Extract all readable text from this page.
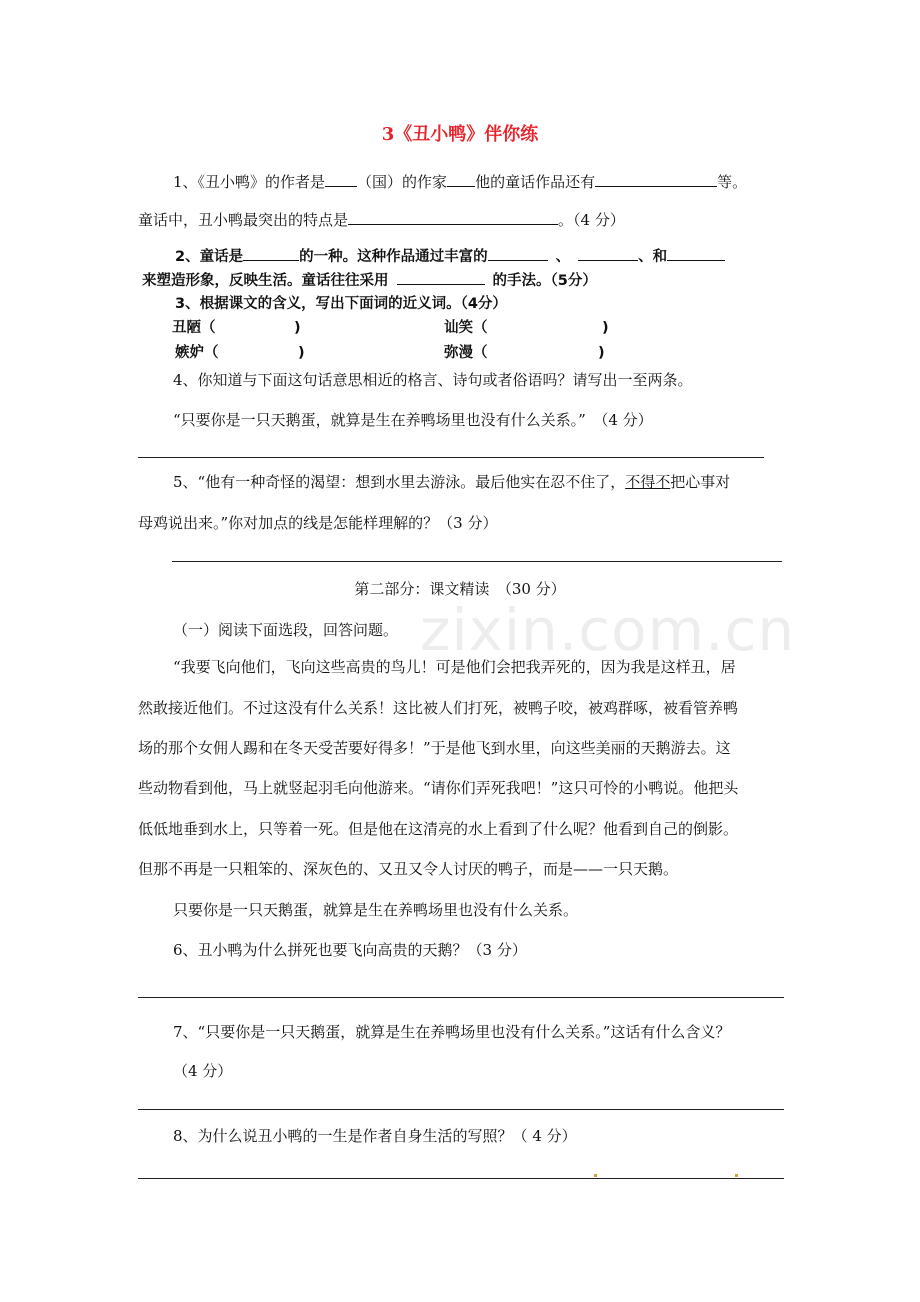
zixin.com.cn
3《丑小鸭》伴你练
1、《丑小鸭》的作者是 （国）的作家 他的童话作品还有	等。
童话中，丑小鸭最突出的特点是	。（4 分）
2、童话是	的一种。这种作品通过丰富的	、	、和
来塑造形象，反映生活。童话往往采用	的手法。（5分）
3、根据课文的含义，写出下面词的近义词。（4分）
丑陋（	)	讪笑（	)
嫉妒（	)	弥漫（	)
4、你知道与下面这句话意思相近的格言、诗句或者俗语吗？请写出一至两条。
“只要你是一只天鹅蛋，就算是生在养鸭场里也没有什么关系。”　（4 分）
5、“他有一种奇怪的渴望：想到水里去游泳。最后他实在忍不住了，不得不把心事对
母鸡说出来。”你对加点的线是怎能样理解的？（3 分）
第二部分：课文精读　（30 分）
（一）阅读下面选段，回答问题。
“我要飞向他们，飞向这些高贵的鸟儿！可是他们会把我弄死的，因为我是这样丑，居
然敢接近他们。不过这没有什么关系！这比被人们打死，被鸭子咬，被鸡群啄，被看管养鸭
场的那个女佣人踢和在冬天受苦要好得多！”于是他飞到水里，向这些美丽的天鹅游去。这
些动物看到他，马上就竖起羽毛向他游来。“请你们弄死我吧！”这只可怜的小鸭说。他把头
低低地垂到水上，只等着一死。但是他在这清亮的水上看到了什么呢？他看到自己的倒影。
但那不再是一只粗笨的、深灰色的、又丑又令人讨厌的鸭子，而是——一只天鹅。
只要你是一只天鹅蛋，就算是生在养鸭场里也没有什么关系。
6、丑小鸭为什么拼死也要飞向高贵的天鹅？（3 分）
7、“只要你是一只天鹅蛋，就算是生在养鸭场里也没有什么关系。”这话有什么含义？
（4 分）
8、为什么说丑小鸭的一生是作者自身生活的写照？（ 4 分）
